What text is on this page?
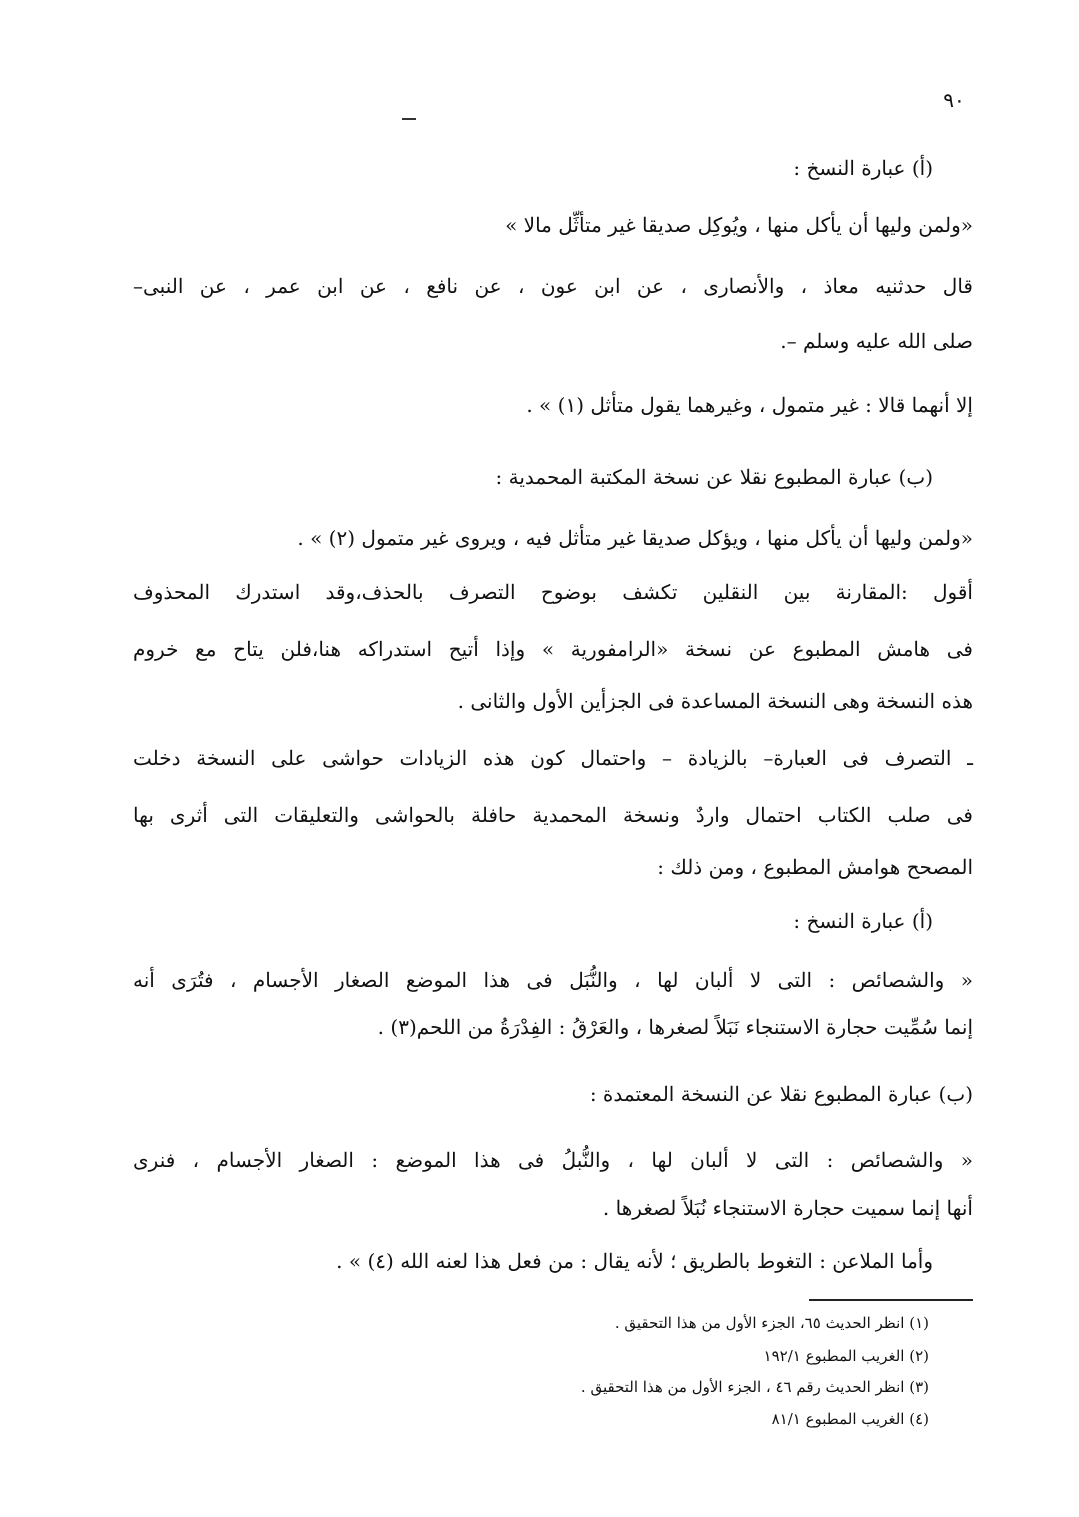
٩٠
(أ) عبارة النسخ :
«ولمن وليها أن يأكل منها ، ويُوكِل صديقا غير متأثِّل مالا »
قال حدثنيه معاذ ، والأنصارى ، عن ابن عون ، عن نافع ، عن ابن عمر ، عن النبى–
صلى الله عليه وسلم –.
إلا أنهما قالا : غير متمول ، وغيرهما يقول متأثل (١) » .
(ب) عبارة المطبوع نقلا عن نسخة المكتبة المحمدية :
«ولمن وليها أن يأكل منها ، ويؤكل صديقا غير متأثل فيه ، ويروى غير متمول (٢) » .
أقول :المقارنة بين النقلين تكشف بوضوح التصرف بالحذف،وقد استدرك المحذوف
فى هامش المطبوع عن نسخة «الرامفورية » وإذا أتيح استدراكه هنا،فلن يتاح مع خروم
هذه النسخة وهى النسخة المساعدة فى الجزأين الأول والثانى .
ـ التصرف فى العبارة– بالزيادة – واحتمال كون هذه الزيادات حواشى على النسخة دخلت
فى صلب الكتاب احتمال واردٌ ونسخة المحمدية حافلة بالحواشى والتعليقات التى أثرى بها
المصحح هوامش المطبوع ، ومن ذلك :
(أ) عبارة النسخ :
« والشصائص : التى لا ألبان لها ، والنُّبَل فى هذا الموضع الصغار الأجسام ، فتُرَى أنه
إنما سُمِّيت حجارة الاستنجاء نَبَلاً لصغرها ، والعَرْقُ : الفِدْرَةُ من اللحم(٣) .
(ب) عبارة المطبوع نقلا عن النسخة المعتمدة :
« والشصائص : التى لا ألبان لها ، والنُّبلُ فى هذا الموضع : الصغار الأجسام ، فنرى
أنها إنما سميت حجارة الاستنجاء نُبَلاً لصغرها .
وأما الملاعن : التغوط بالطريق ؛ لأنه يقال : من فعل هذا لعنه الله (٤) » .
(١) انظر الحديث ٦٥، الجزء الأول من هذا التحقيق .
(٢) الغريب المطبوع ١٩٢/١
(٣) انظر الحديث رقم ٤٦ ، الجزء الأول من هذا التحقيق .
(٤) الغريب المطبوع ٨١/١
